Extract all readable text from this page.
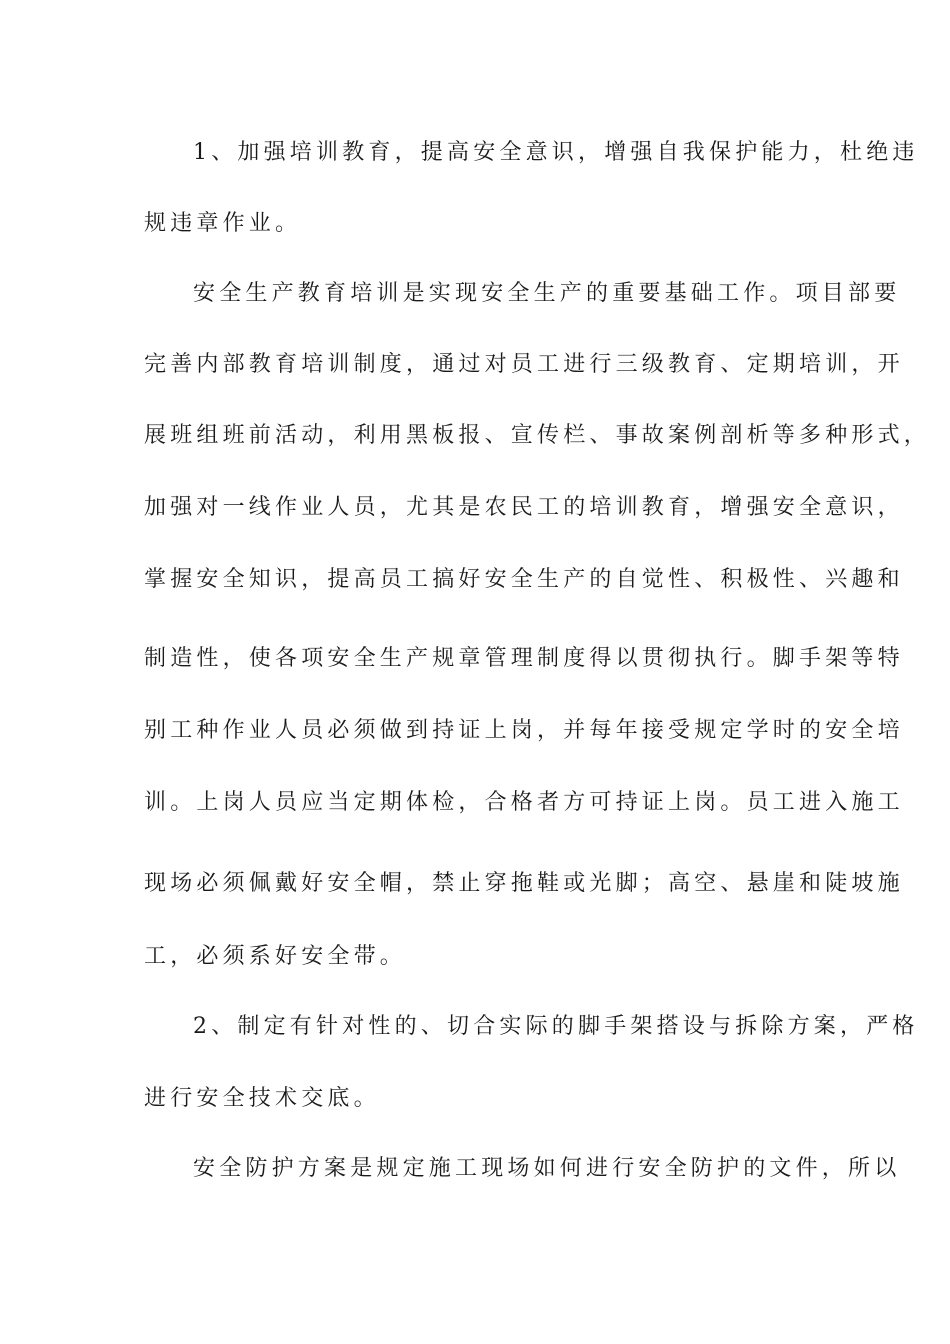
1、加强培训教育，提高安全意识，增强自我保护能力，杜绝违
规违章作业。
安全生产教育培训是实现安全生产的重要基础工作。项目部要
完善内部教育培训制度，通过对员工进行三级教育、定期培训，开
展班组班前活动，利用黑板报、宣传栏、事故案例剖析等多种形式，
加强对一线作业人员，尤其是农民工的培训教育，增强安全意识，
掌握安全知识，提高员工搞好安全生产的自觉性、积极性、兴趣和
制造性，使各项安全生产规章管理制度得以贯彻执行。脚手架等特
别工种作业人员必须做到持证上岗，并每年接受规定学时的安全培
训。上岗人员应当定期体检，合格者方可持证上岗。员工进入施工
现场必须佩戴好安全帽，禁止穿拖鞋或光脚；高空、悬崖和陡坡施
工，必须系好安全带。
2、制定有针对性的、切合实际的脚手架搭设与拆除方案，严格
进行安全技术交底。
安全防护方案是规定施工现场如何进行安全防护的文件，所以
